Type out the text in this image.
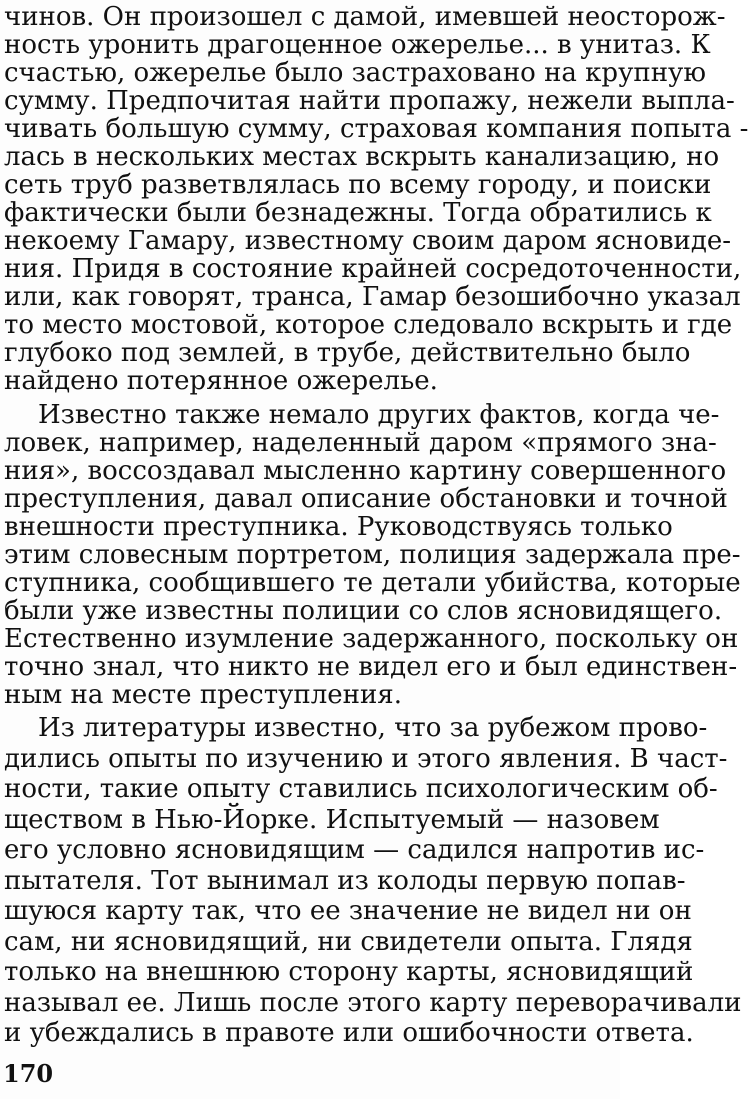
чинов. Он произошел с дамой, имевшей неосторож-
ность уронить драгоценное ожерелье... в унитаз. К
счастью, ожерелье было застраховано на крупную
сумму. Предпочитая найти пропажу, нежели выпла-
чивать большую сумму, страховая компания попыта -
лась в нескольких местах вскрыть канализацию, но
сеть труб разветвлялась по всему городу, и поиски
фактически были безнадежны. Тогда обратились к
некоему Гамару, известному своим даром ясновиде-
ния. Придя в состояние крайней сосредоточенности,
или, как говорят, транса, Гамар безошибочно указал
то место мостовой, которое следовало вскрыть и где
глубоко под землей, в трубе, действительно было
найдено потерянное ожерелье.
Известно также немало других фактов, когда че-
ловек, например, наделенный даром «прямого зна-
ния», воссоздавал мысленно картину совершенного
преступления, давал описание обстановки и точной
внешности преступника. Руководствуясь только
этим словесным портретом, полиция задержала пре-
ступника, сообщившего те детали убийства, которые
были уже известны полиции со слов ясновидящего.
Естественно изумление задержанного, поскольку он
точно знал, что никто не видел его и был единствен-
ным на месте преступления.
Из литературы известно, что за рубежом прово-
дились опыты по изучению и этого явления. В част-
ности, такие опыту ставились психологическим об-
ществом в Нью-Йорке. Испытуемый — назовем
его условно ясновидящим — садился напротив ис-
пытателя. Тот вынимал из колоды первую попав-
шуюся карту так, что ее значение не видел ни он
сам, ни ясновидящий, ни свидетели опыта. Глядя
только на внешнюю сторону карты, ясновидящий
называл ее. Лишь после этого карту переворачивали
и убеждались в правоте или ошибочности ответа.
170
